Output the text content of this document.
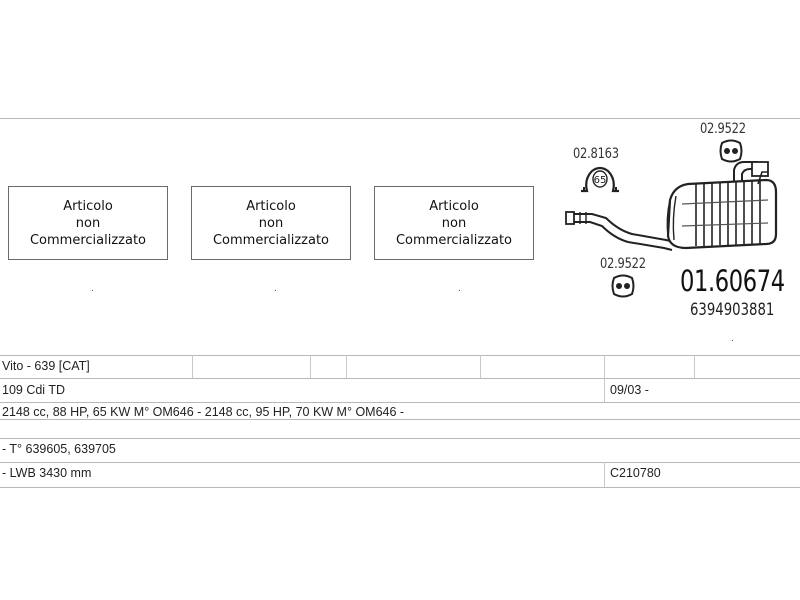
Articolo
non
Commercializzato
.
Articolo
non
Commercializzato
.
Articolo
non
Commercializzato
.
02.9522
02.8163
02.9522
65
01.60674
6394903881
.
Vito - 639 [CAT]
109 Cdi TD	09/03 -
2148 cc, 88 HP, 65 KW M° OM646 - 2148 cc, 95 HP, 70 KW M° OM646 -
- T° 639605, 639705
- LWB 3430 mm	C210780
